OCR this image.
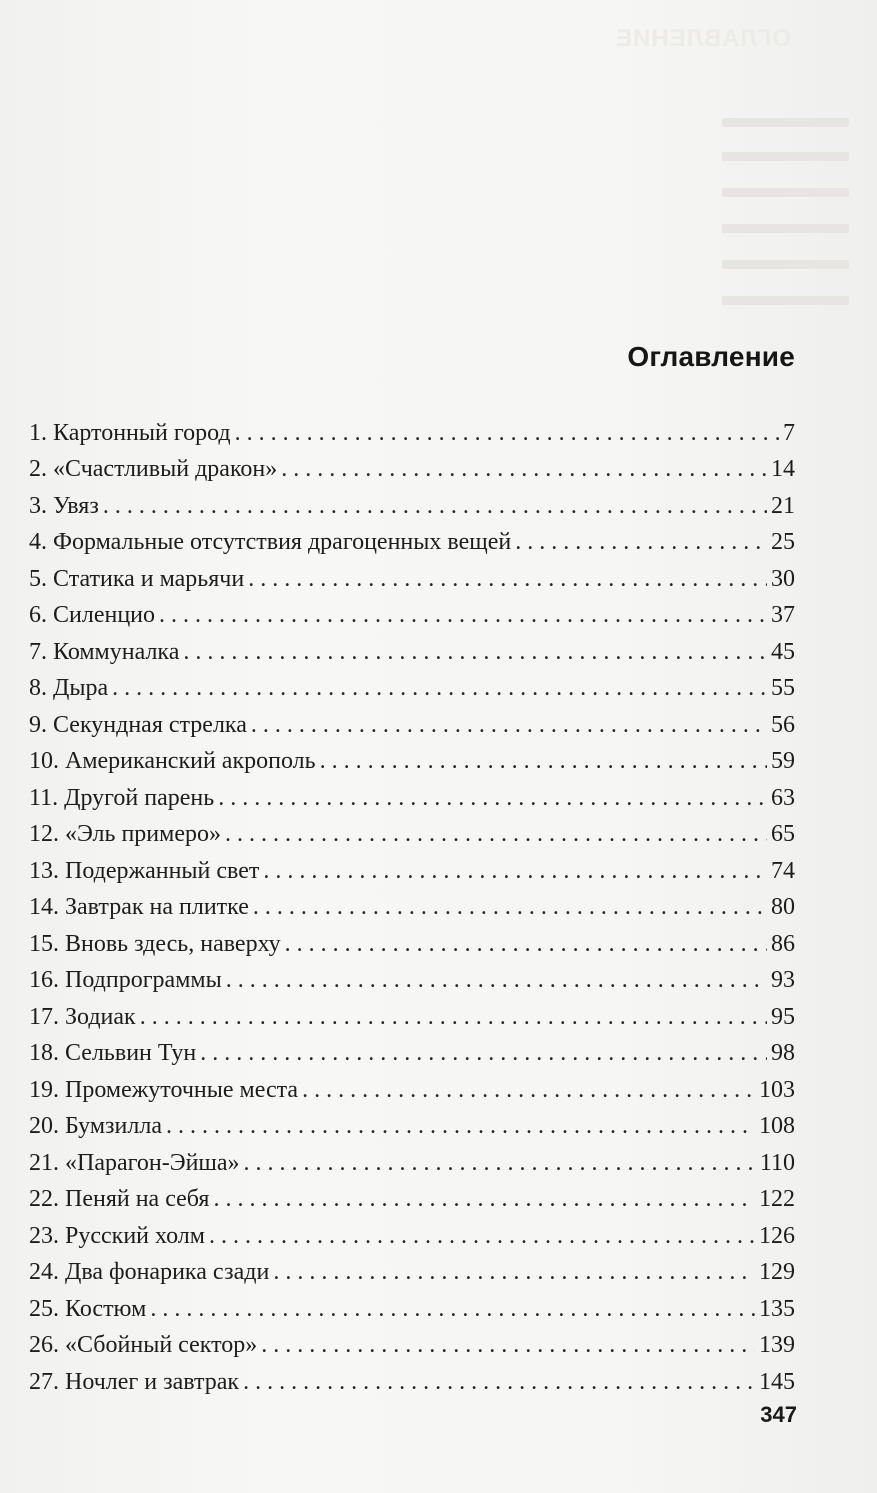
ОГЛАВЛЕНИЕ
Оглавление
1. Картонный город . . .	7
2. «Счастливый дракон» . . .	14
3. Увяз . . .	21
4. Формальные отсутствия драгоценных вещей . . .	25
5. Статика и марьячи . . .	30
6. Силенцио . . .	37
7. Коммуналка . . .	45
8. Дыра . . .	55
9. Секундная стрелка . . .	56
10. Американский акрополь . . .	59
11. Другой парень . . .	63
12. «Эль примеро» . . .	65
13. Подержанный свет . . .	74
14. Завтрак на плитке . . .	80
15. Вновь здесь, наверху . . .	86
16. Подпрограммы . . .	93
17. Зодиак . . .	95
18. Сельвин Тун . . .	98
19. Промежуточные места . . .	103
20. Бумзилла . . .	108
21. «Парагон-Эйша» . . .	110
22. Пеняй на себя . . .	122
23. Русский холм . . .	126
24. Два фонарика сзади . . .	129
25. Костюм . . .	135
26. «Сбойный сектор» . . .	139
27. Ночлег и завтрак . . .	145
347
